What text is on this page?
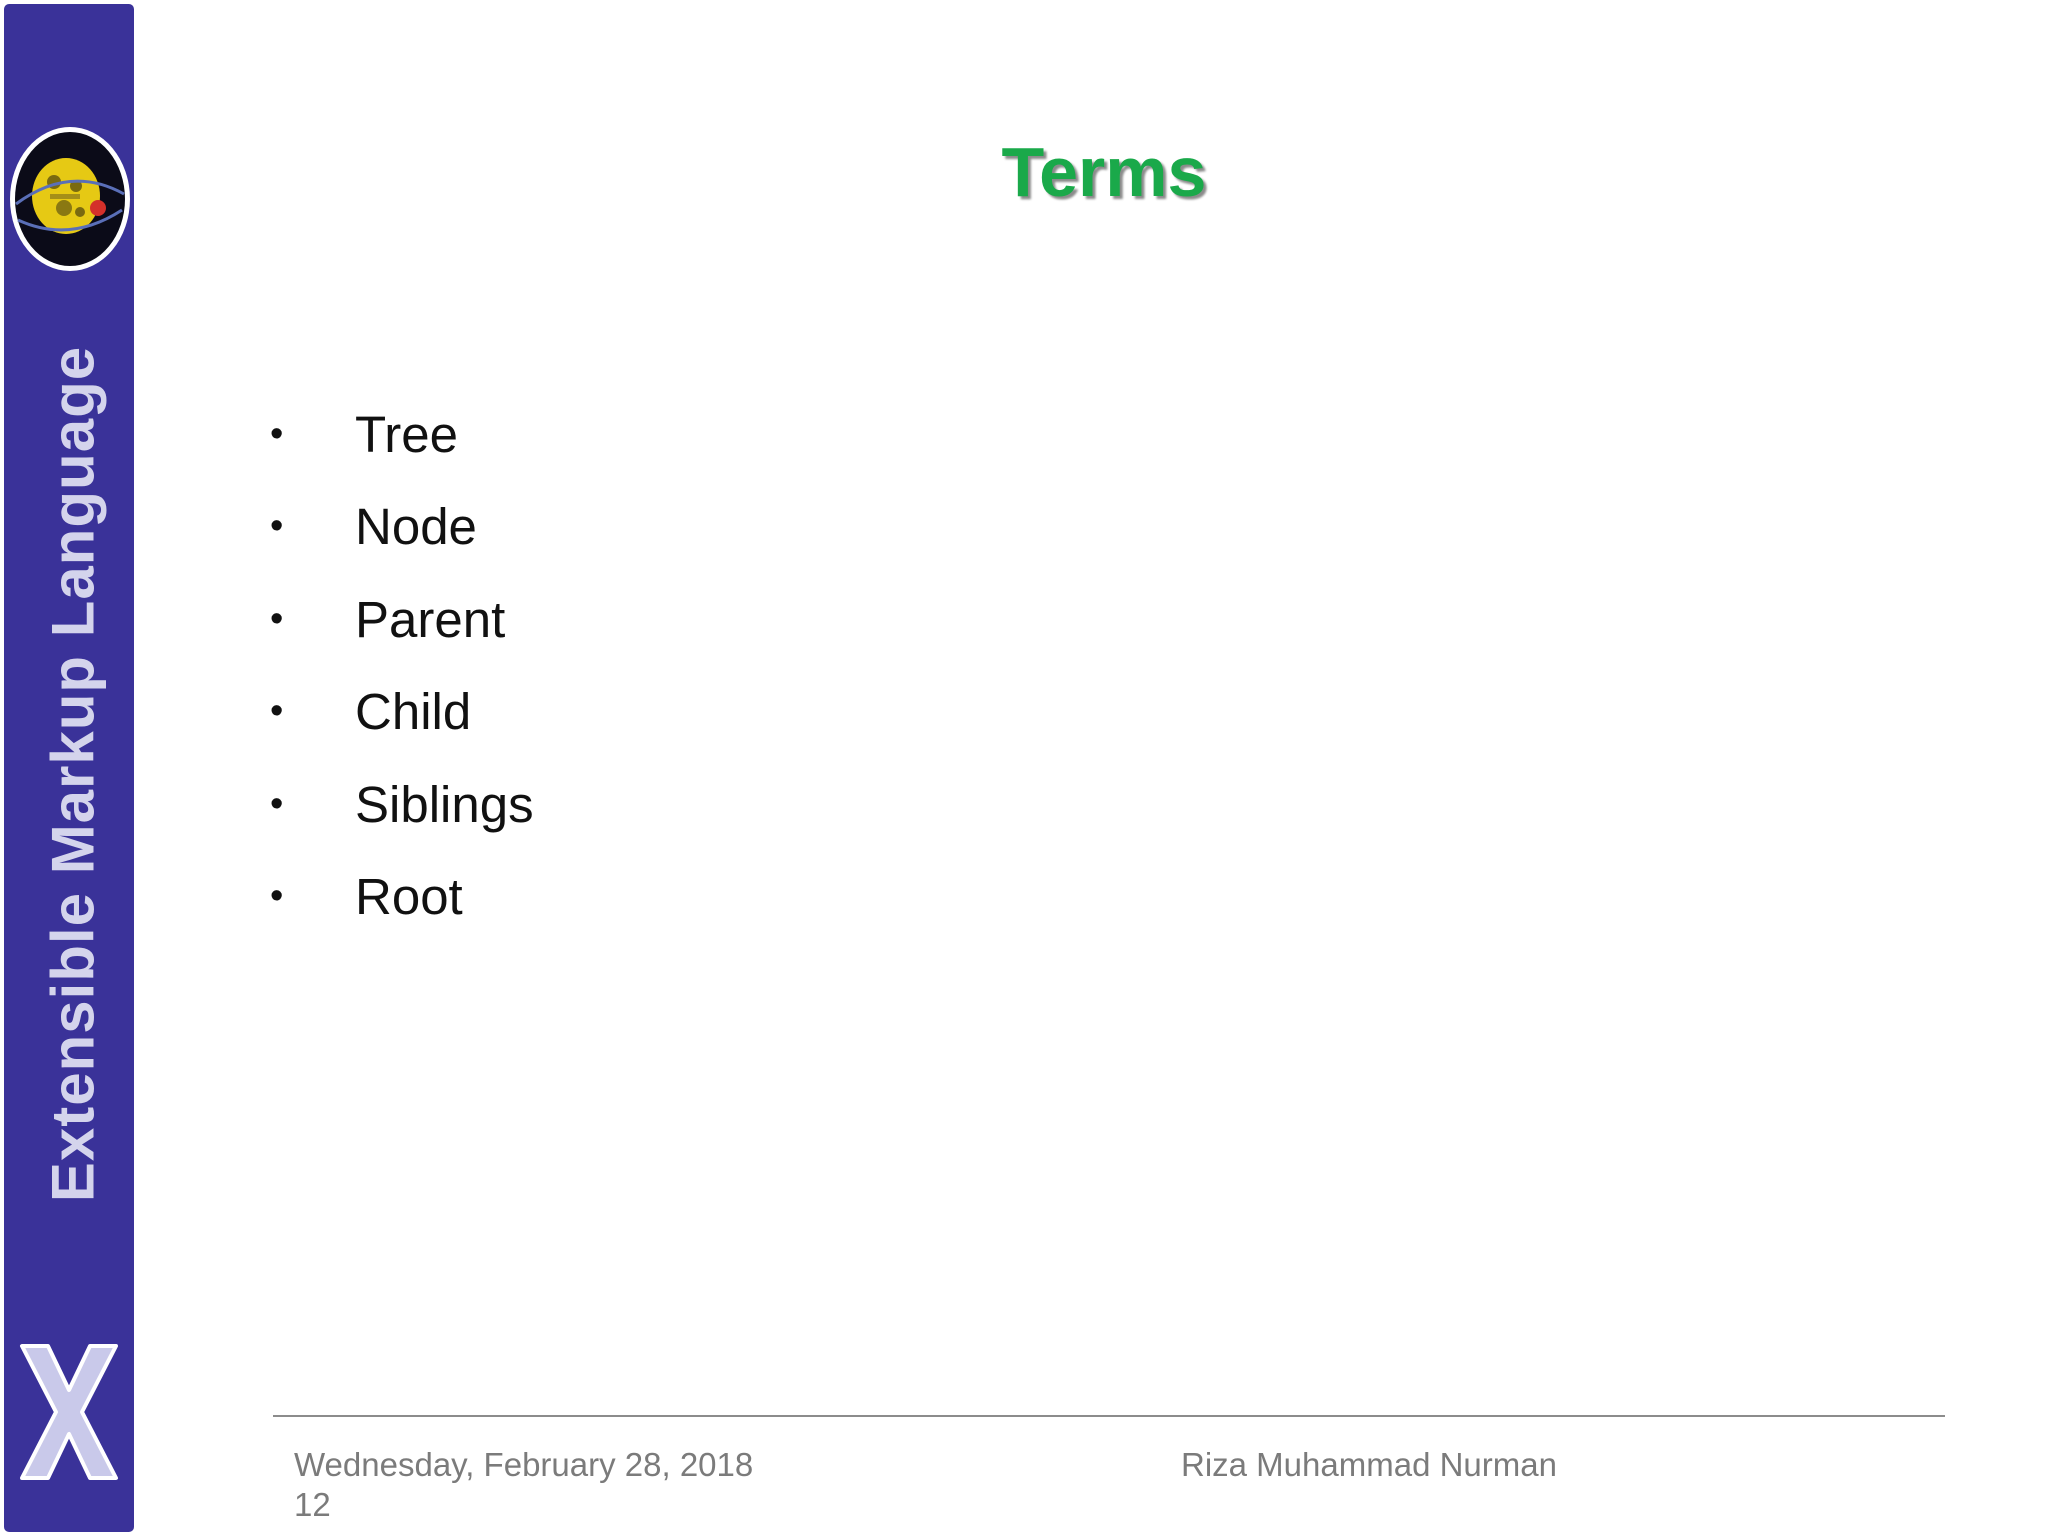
Extensible Markup Language
Terms
•	Tree
•	Node
•	Parent
•	Child
•	Siblings
•	Root
Wednesday, February 28, 2018
12
Riza Muhammad Nurman
